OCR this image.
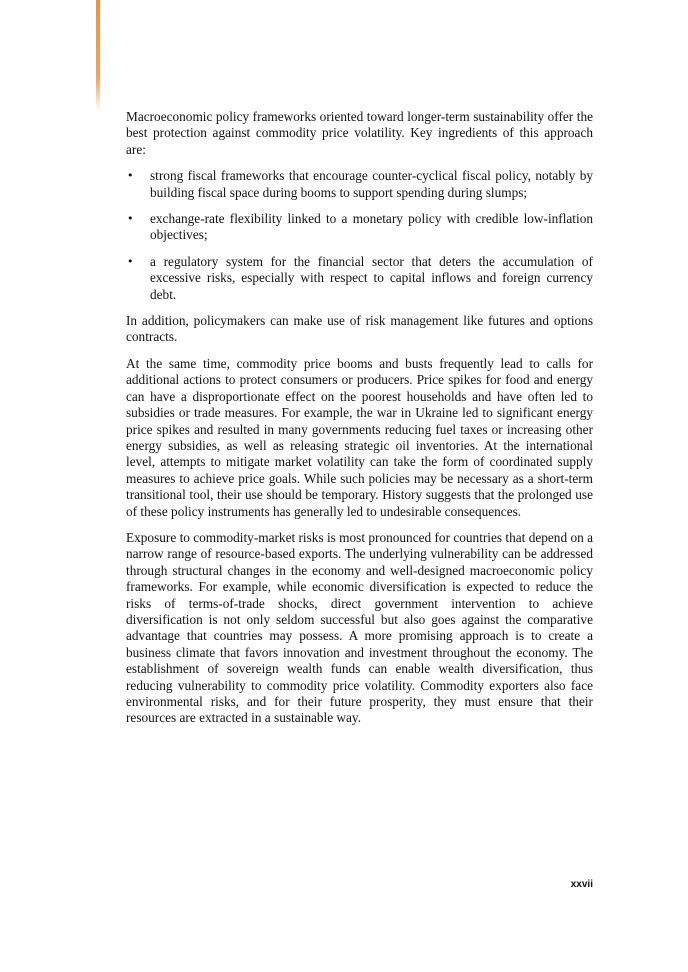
Macroeconomic policy frameworks oriented toward longer-term sustainability offer the best protection against commodity price volatility. Key ingredients of this approach are:

• strong fiscal frameworks that encourage counter-cyclical fiscal policy, notably by building fiscal space during booms to support spending during slumps;
• exchange-rate flexibility linked to a monetary policy with credible low-inflation objectives;
• a regulatory system for the financial sector that deters the accumulation of excessive risks, especially with respect to capital inflows and foreign currency debt.

In addition, policymakers can make use of risk management like futures and options contracts.

At the same time, commodity price booms and busts frequently lead to calls for additional actions to protect consumers or producers. Price spikes for food and energy can have a disproportionate effect on the poorest households and have often led to subsidies or trade measures. For example, the war in Ukraine led to significant energy price spikes and resulted in many governments reducing fuel taxes or increasing other energy subsidies, as well as releasing strategic oil inventories. At the international level, attempts to mitigate market volatility can take the form of coordinated supply measures to achieve price goals. While such policies may be necessary as a short-term transitional tool, their use should be temporary. History suggests that the prolonged use of these policy instruments has generally led to undesirable consequences.

Exposure to commodity-market risks is most pronounced for countries that depend on a narrow range of resource-based exports. The underlying vulnerability can be addressed through structural changes in the economy and well-designed macroeconomic policy frameworks. For example, while economic diversification is expected to reduce the risks of terms-of-trade shocks, direct government intervention to achieve diversification is not only seldom successful but also goes against the comparative advantage that countries may possess. A more promising approach is to create a business climate that favors innovation and investment throughout the economy. The establishment of sovereign wealth funds can enable wealth diversification, thus reducing vulnerability to commodity price volatility. Commodity exporters also face environmental risks, and for their future prosperity, they must ensure that their resources are extracted in a sustainable way.

xxvii
